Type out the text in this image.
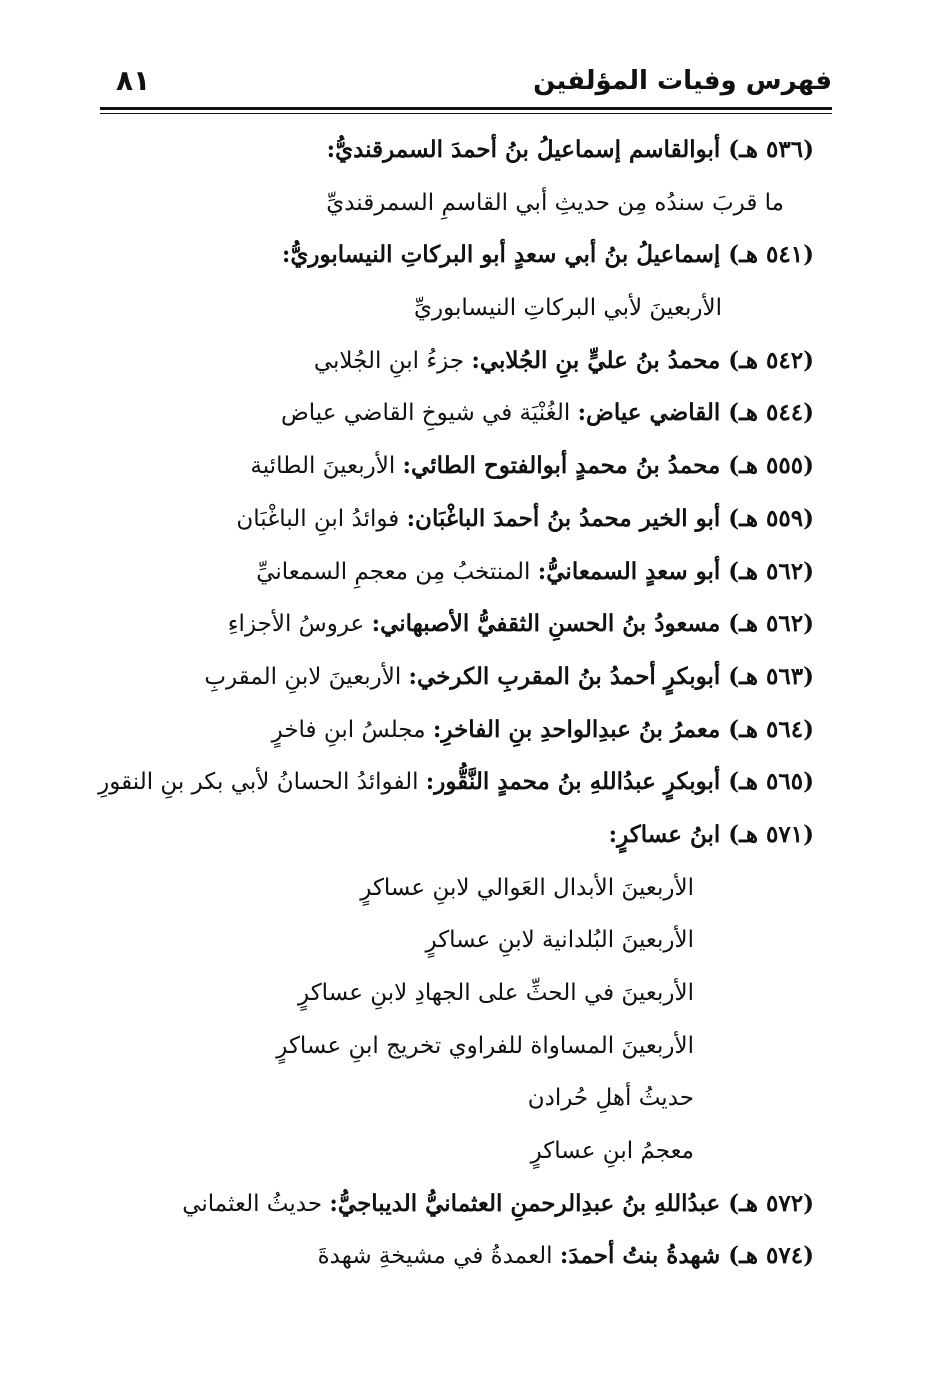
فهرس وفيات المؤلفين
٨١
(٥٣٦ هـ) أبوالقاسم إسماعيلُ بنُ أحمدَ السمرقنديُّ:
ما قربَ سندُه مِن حديثِ أبي القاسمِ السمرقنديِّ
(٥٤١ هـ) إسماعيلُ بنُ أبي سعدٍ أبو البركاتِ النيسابوريُّ:
الأربعينَ لأبي البركاتِ النيسابوريِّ
(٥٤٢ هـ) محمدُ بنُ عليٍّ بنِ الجُلابي: جزءُ ابنِ الجُلابي
(٥٤٤ هـ) القاضي عياض: الغُنْيَة في شيوخِ القاضي عياض
(٥٥٥ هـ) محمدُ بنُ محمدٍ أبوالفتوح الطائي: الأربعينَ الطائية
(٥٥٩ هـ) أبو الخير محمدُ بنُ أحمدَ الباغْبَان: فوائدُ ابنِ الباغْبَان
(٥٦٢ هـ) أبو سعدٍ السمعانيُّ: المنتخبُ مِن معجمِ السمعانيِّ
(٥٦٢ هـ) مسعودُ بنُ الحسنِ الثقفيُّ الأصبهاني: عروسُ الأجزاءِ
(٥٦٣ هـ) أبوبكرٍ أحمدُ بنُ المقربِ الكرخي: الأربعينَ لابنِ المقربِ
(٥٦٤ هـ) معمرُ بنُ عبدِالواحدِ بنِ الفاخرِ: مجلسُ ابنِ فاخرٍ
(٥٦٥ هـ) أبوبكرٍ عبدُاللهِ بنُ محمدٍ النَّقُّور: الفوائدُ الحسانُ لأبي بكر بنِ النقورِ
(٥٧١ هـ) ابنُ عساكرٍ:
الأربعينَ الأبدال العَوالي لابنِ عساكرٍ
الأربعينَ البُلدانية لابنِ عساكرٍ
الأربعينَ في الحثِّ على الجهادِ لابنِ عساكرٍ
الأربعينَ المساواة للفراوي تخريج ابنِ عساكرٍ
حديثُ أهلِ حُرادن
معجمُ ابنِ عساكرٍ
(٥٧٢ هـ) عبدُاللهِ بنُ عبدِالرحمنِ العثمانيُّ الديباجيُّ: حديثُ العثماني
(٥٧٤ هـ) شهدةُ بنتُ أحمدَ: العمدةُ في مشيخةِ شهدةَ
